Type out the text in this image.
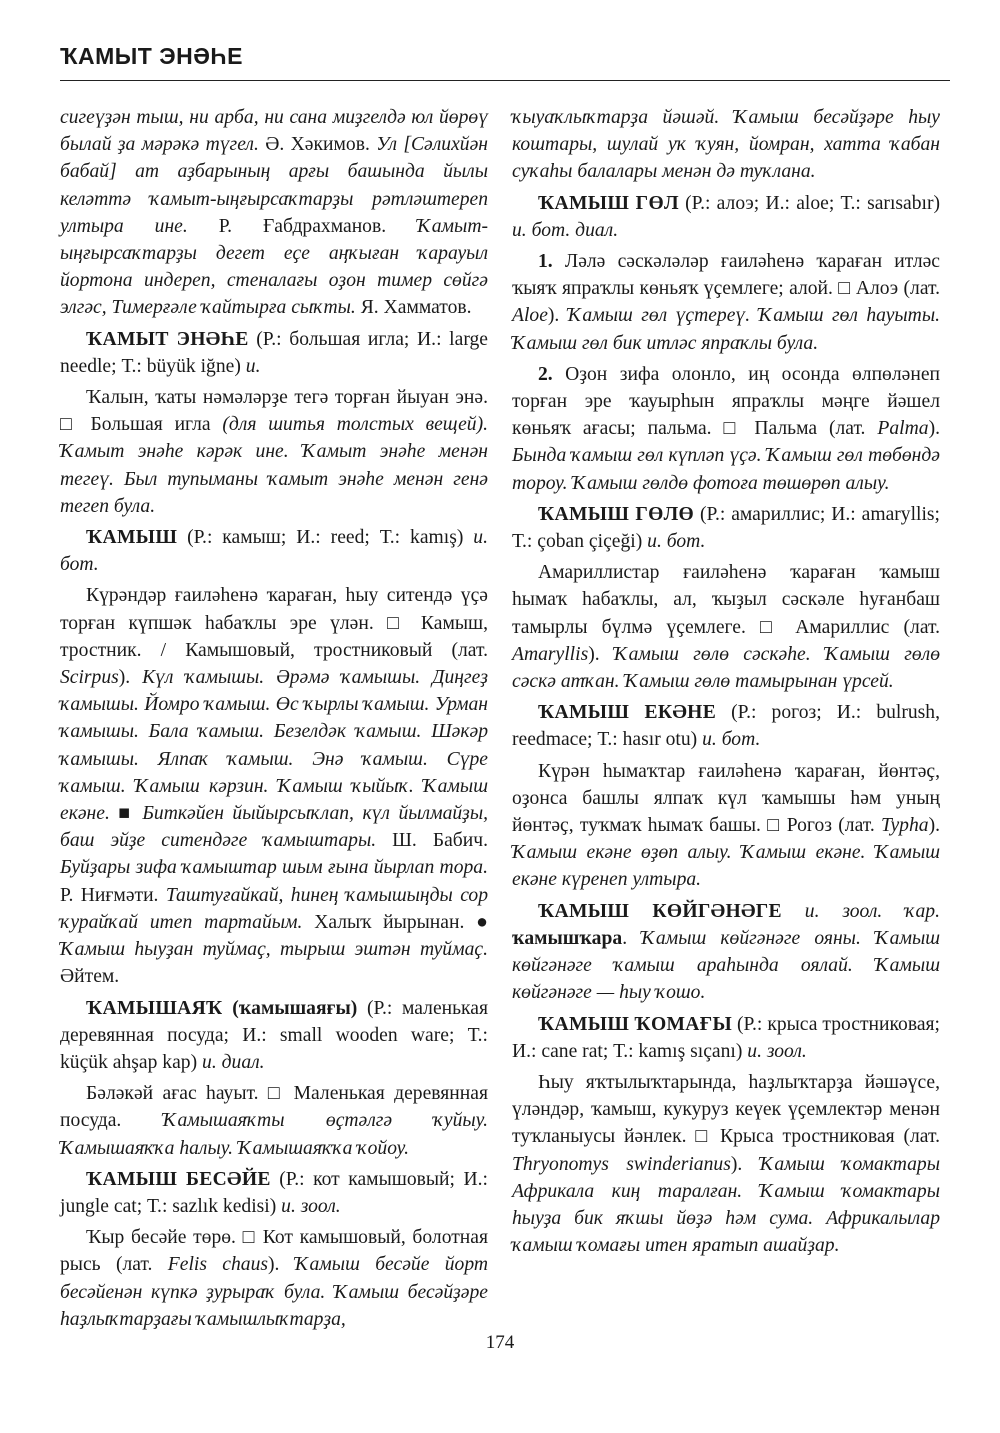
ҠАМЫТ ЭНӘҺЕ

сигеүҙән тыш, ни арба, ни сана миҙгелдә юл йөрөү былай ҙа мәрәкә түгел. Ә. Хәкимов. Ул [Сәлихйән бабай] ат аҙбарының арғы башында йылы келәттә ҡамыт-ыңғырсаҡтарҙы рәтләштереп ултыра ине. Р. Ғабдрахманов. Ҡамыт-ыңғырсаҡтарҙы дегет еҫе аңҡыған ҡарауыл йортона индереп, стеналағы оҙон тимер сөйгә элгәс, Тимерғәле ҡайтырға сыҡты. Я. Хамматов.

ҠАМЫТ ЭНӘҺЕ (Р.: большая игла; И.: large needle; Т.: büyük iğne) и.

Ҡалын, ҡаты нәмәләрҙе тегә торған йыуан энә. □ Большая игла (для шитья толстых вещей). Ҡамыт энәһе кәрәк ине. Ҡамыт энәһе менән тегеү. Был тупыманы ҡамыт энәһе менән генә тегеп була.

ҠАМЫШ (Р.: камыш; И.: reed; Т.: kamış) и. бот.

Күрәндәр ғаиләһенә ҡараған, һыу ситендә үҫә торған күпшәк һабаҡлы эре үлән. □ Камыш, тростник. / Камышовый, тростниковый (лат. Scirpus). Күл ҡамышы. Әрәмә ҡамышы. Диңгеҙ ҡамышы. Йомро ҡамыш. Өс ҡырлы ҡамыш. Урман ҡамышы. Бала ҡамыш. Безелдәк ҡамыш. Шәкәр ҡамышы. Ялпаҡ ҡамыш. Энә ҡамыш. Сүре ҡамыш. Ҡамыш кәрзин. Ҡамыш ҡыйыҡ. Ҡамыш екәне. ■ Биткәйен йыйырсыҡлап, күл йылмайҙы, баш эйҙе ситендәге ҡамыштары. Ш. Бабич. Буйҙары зифа ҡамыштар шым ғына йырлап тора. Р. Ниғмәти. Таштуғайкай, һинең ҡамышыңды сор ҡурайҡай итеп тартайым. Халыҡ йырынан. ● Ҡамыш һыуҙан туймаҫ, тырыш эштән туймаҫ. Әйтем.

ҠАМЫШАЯҠ (ҡамышаяғы) (Р.: маленькая деревянная посуда; И.: small wooden ware; Т.: küçük ahşap kap) и. диал.

Бәләкәй ағас һауыт. □ Маленькая деревянная посуда. Ҡамышаяҡты өҫтәлгә ҡуйыу. Ҡамышаяҡҡа һалыу. Ҡамышаяҡҡа ҡойоу.

ҠАМЫШ БЕСӘЙЕ (Р.: кот камышовый; И.: jungle cat; Т.: sazlık kedisi) и. зоол.

Ҡыр бесәйе төрө. □ Кот камышовый, болотная рысь (лат. Felis chaus). Ҡамыш бесәйе йорт бесәйенән күпкә ҙурыраҡ була. Ҡамыш бесәйҙәре һаҙлыҡтарҙағы ҡамышлыҡтарҙа,

ҡыуаҡлыҡтарҙа йәшәй. Ҡамыш бесәйҙәре һыу коштары, шулай уҡ ҡуян, йомран, хатта ҡабан суҡаһы балалары менән дә туҡлана.

ҠАМЫШ ГӨЛ (Р.: алоэ; И.: aloe; Т.: sarısabır) и. бот. диал.

1. Ләлә сәскәләләр ғаиләһенә ҡараған итләс ҡыяҡ япраҡлы көньяҡ үҫемлеге; алой. □ Алоэ (лат. Aloe). Ҡамыш гөл үҫтереү. Ҡамыш гөл һауыты. Ҡамыш гөл бик итләс япраҡлы була.

2. Оҙон зифа олонло, иң осонда өлпөләнеп торған эре ҡауырһын япраҡлы мәңге йәшел көньяҡ ағасы; пальма. □ Пальма (лат. Palma). Бында ҡамыш гөл күпләп үҫә. Ҡамыш гөл төбөндә тороу. Ҡамыш гөлдө фотоға төшөрөп алыу.

ҠАМЫШ ГӨЛӨ (Р.: амариллис; И.: amaryllis; Т.: çoban çiçeği) и. бот.

Амариллистар ғаиләһенә ҡараған ҡамыш һымаҡ һабаҡлы, ал, ҡыҙыл сәскәле һуғанбаш тамырлы бүлмә үҫемлеге. □ Амариллис (лат. Amaryllis). Ҡамыш гөлө сәскәһе. Ҡамыш гөлө сәскә атҡан. Ҡамыш гөлө тамырынан үрсей.

ҠАМЫШ ЕКӘНЕ (Р.: рогоз; И.: bulrush, reedmace; Т.: hasır otu) и. бот.

Күрән һымаҡтар ғаиләһенә ҡараған, йөнтәҫ, оҙонса башлы ялпаҡ күл ҡамышы һәм уның йөнтәҫ, туҡмаҡ һымаҡ башы. □ Рогоз (лат. Typha). Ҡамыш екәне өҙөп алыу. Ҡамыш екәне. Ҡамыш екәне күренеп ултыра.

ҠАМЫШ КӨЙГӘНӘГЕ и. зоол. ҡар. ҡамышҡара. Ҡамыш көйгәнәге ояны. Ҡамыш көйгәнәге ҡамыш араһында оялай. Ҡамыш көйгәнәге — һыу ҡошо.

ҠАМЫШ ҠОМАҒЫ (Р.: крыса тростниковая; И.: cane rat; Т.: kamış sıçanı) и. зоол.

Һыу яҡтылыҡтарында, һаҙлыҡтарҙа йәшәүсе, үләндәр, ҡамыш, кукуруз кеүек үҫемлектәр менән туҡланыусы йәнлек. □ Крыса тростниковая (лат. Thryonomys swinderianus). Ҡамыш ҡомактары Африкала киң таралған. Ҡамыш ҡомактары һыуҙа бик яҡшы йөҙә һәм сума. Африкалылар ҡамыш ҡомағы итен яратып ашайҙар.

174
